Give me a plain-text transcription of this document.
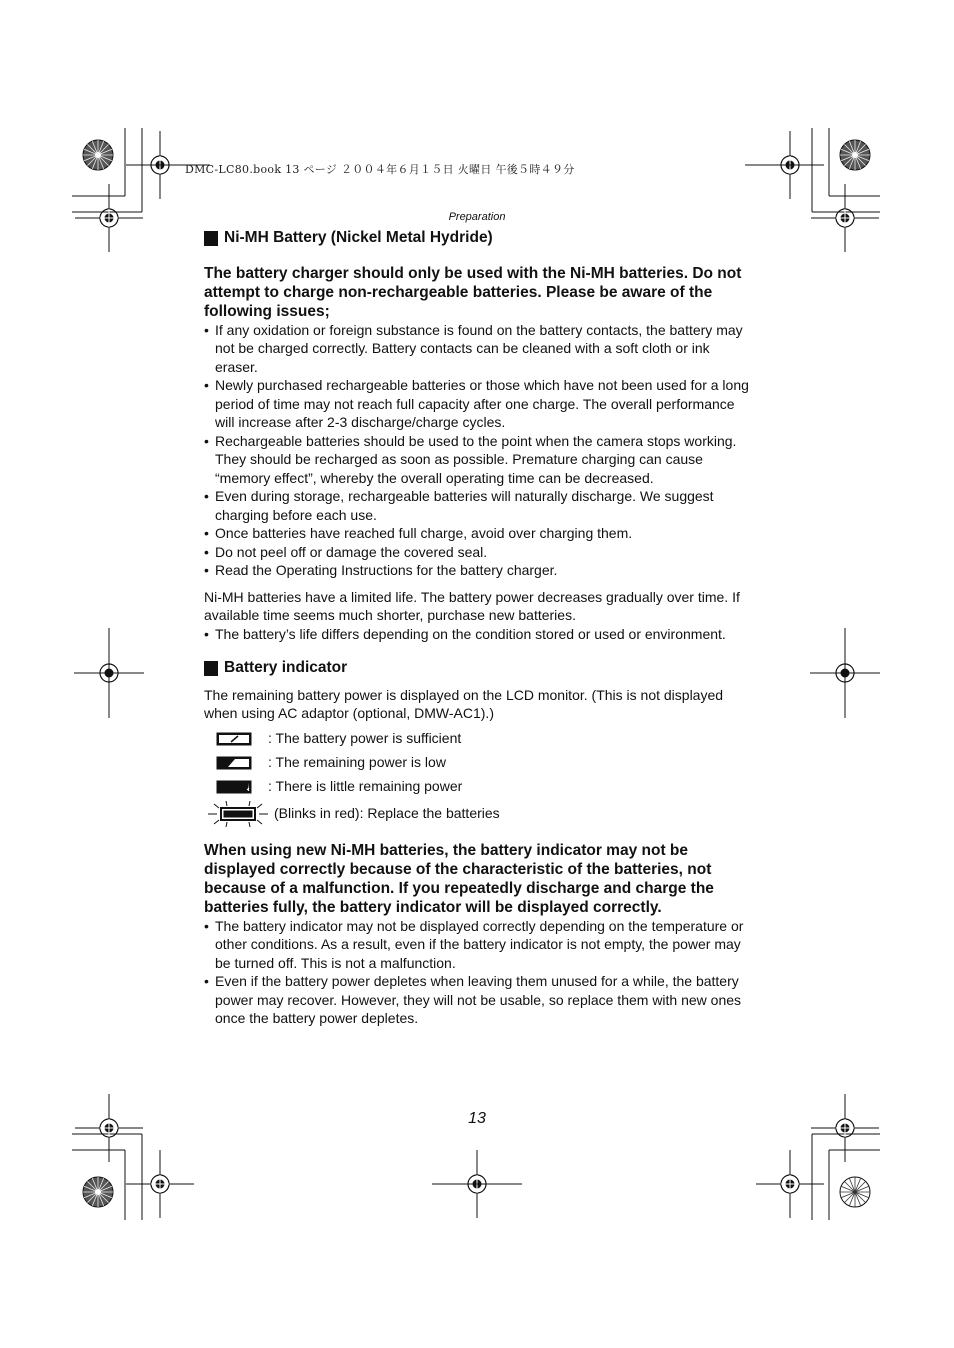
DMC-LC80.book 13 ページ ２００４年６月１５日 火曜日 午後５時４９分
Preparation
Ni-MH Battery (Nickel Metal Hydride)

The battery charger should only be used with the Ni-MH batteries. Do not attempt to charge non-rechargeable batteries. Please be aware of the following issues;

• If any oxidation or foreign substance is found on the battery contacts, the battery may not be charged correctly. Battery contacts can be cleaned with a soft cloth or ink eraser.
• Newly purchased rechargeable batteries or those which have not been used for a long period of time may not reach full capacity after one charge. The overall performance will increase after 2-3 discharge/charge cycles.
• Rechargeable batteries should be used to the point when the camera stops working. They should be recharged as soon as possible. Premature charging can cause “memory effect”, whereby the overall operating time can be decreased.
• Even during storage, rechargeable batteries will naturally discharge. We suggest charging before each use.
• Once batteries have reached full charge, avoid over charging them.
• Do not peel off or damage the covered seal.
• Read the Operating Instructions for the battery charger.

Ni-MH batteries have a limited life. The battery power decreases gradually over time. If available time seems much shorter, purchase new batteries.

• The battery’s life differs depending on the condition stored or used or environment.
Battery indicator

The remaining battery power is displayed on the LCD monitor. (This is not displayed when using AC adaptor (optional, DMW-AC1).)

: The battery power is sufficient
: The remaining power is low
: There is little remaining power
(Blinks in red): Replace the batteries

When using new Ni-MH batteries, the battery indicator may not be displayed correctly because of the characteristic of the batteries, not because of a malfunction. If you repeatedly discharge and charge the batteries fully, the battery indicator will be displayed correctly.

• The battery indicator may not be displayed correctly depending on the temperature or other conditions. As a result, even if the battery indicator is not empty, the power may be turned off. This is not a malfunction.
• Even if the battery power depletes when leaving them unused for a while, the battery power may recover. However, they will not be usable, so replace them with new ones once the battery power depletes.
13
